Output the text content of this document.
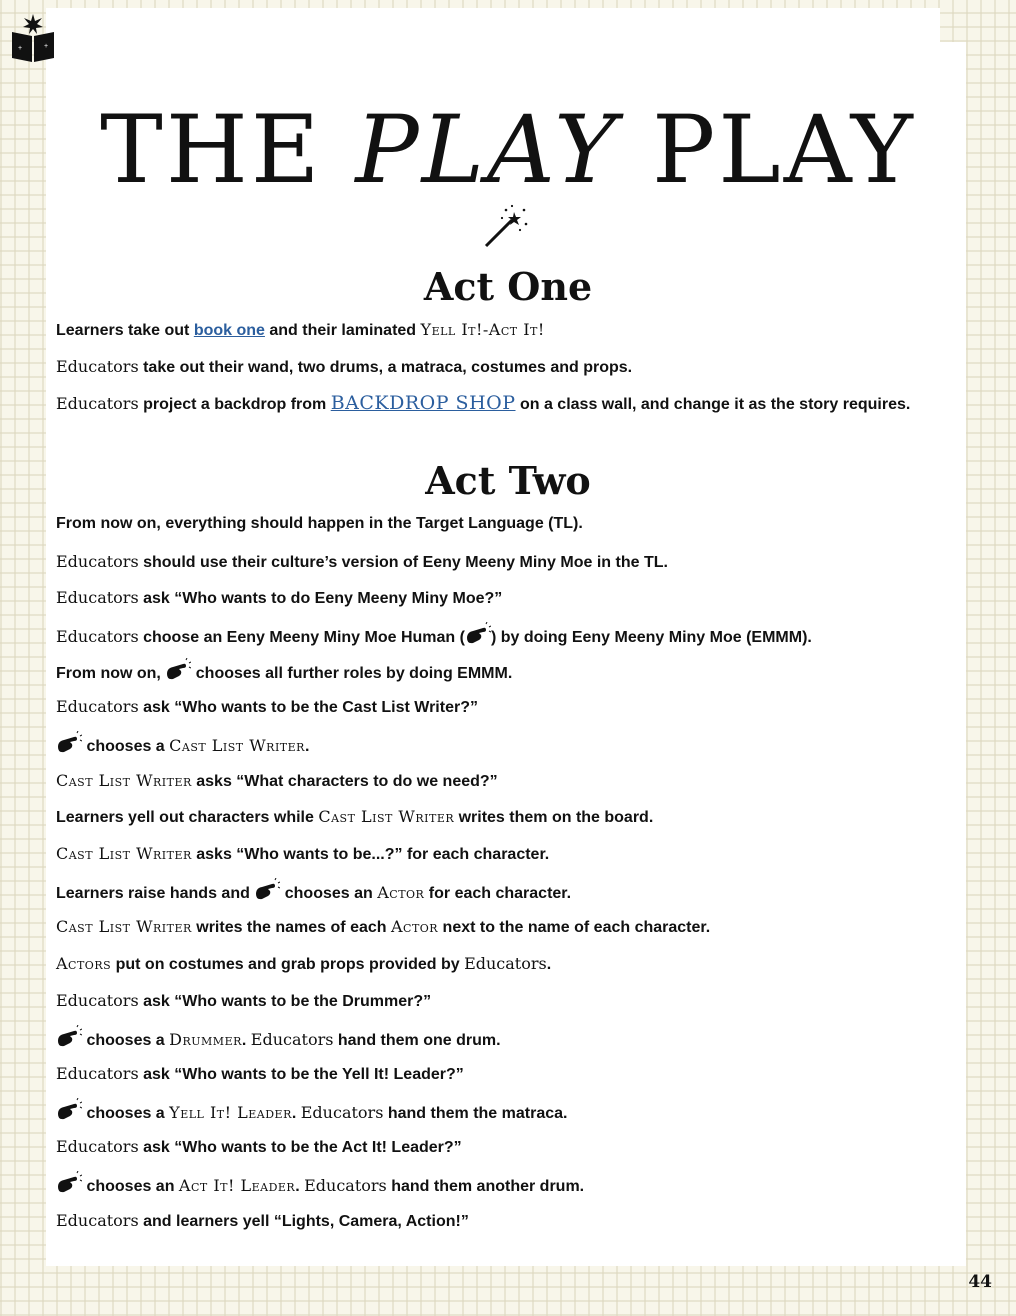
+	+
THE PLAY PLAY
Act One
Learners take out book one and their laminated Yell It!-Act It!
Educators take out their wand, two drums, a matraca, costumes and props.
Educators project a backdrop from BACKDROP SHOP on a class wall, and change it as the story requires.
Act Two
From now on, everything should happen in the Target Language (TL).
Educators should use their culture’s version of Eeny Meeny Miny Moe in the TL.
Educators ask “Who wants to do Eeny Meeny Miny Moe?”
Educators choose an Eeny Meeny Miny Moe Human ( ) by doing Eeny Meeny Miny Moe (EMMM).
From now on,  chooses all further roles by doing EMMM.
Educators ask “Who wants to be the Cast List Writer?”
chooses a Cast List Writer.
Cast List Writer asks “What characters to do we need?”
Learners yell out characters while Cast List Writer writes them on the board.
Cast List Writer asks “Who wants to be...?” for each character.
Learners raise hands and  chooses an Actor for each character.
Cast List Writer writes the names of each Actor next to the name of each character.
Actors put on costumes and grab props provided by Educators.
Educators ask “Who wants to be the Drummer?”
chooses a Drummer. Educators hand them one drum.
Educators ask “Who wants to be the Yell It! Leader?”
chooses a Yell It! Leader. Educators hand them the matraca.
Educators ask “Who wants to be the Act It! Leader?”
chooses an Act It! Leader. Educators hand them another drum.
Educators and learners yell “Lights, Camera, Action!”
44
